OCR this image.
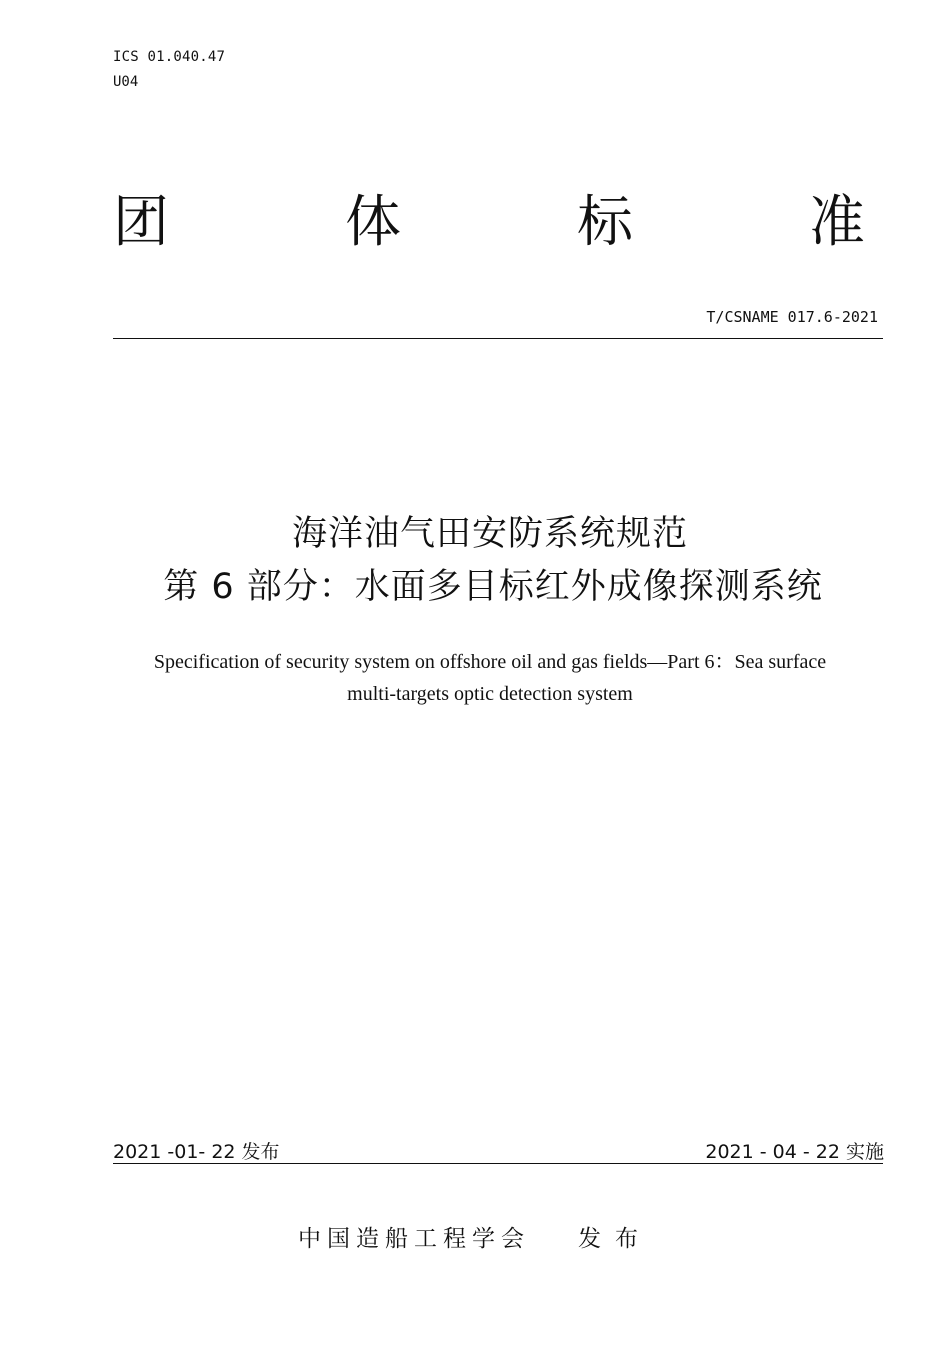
ICS 01.040.47
U04
团	体	标	准
T/CSNAME 017.6-2021
海洋油气田安防系统规范
第 6 部分：水面多目标红外成像探测系统
Specification of security system on offshore oil and gas fields—Part 6：Sea surface
multi-targets optic detection system
2021 -01- 22 发布	2021 - 04 - 22 实施
中国造船工程学会 发布
